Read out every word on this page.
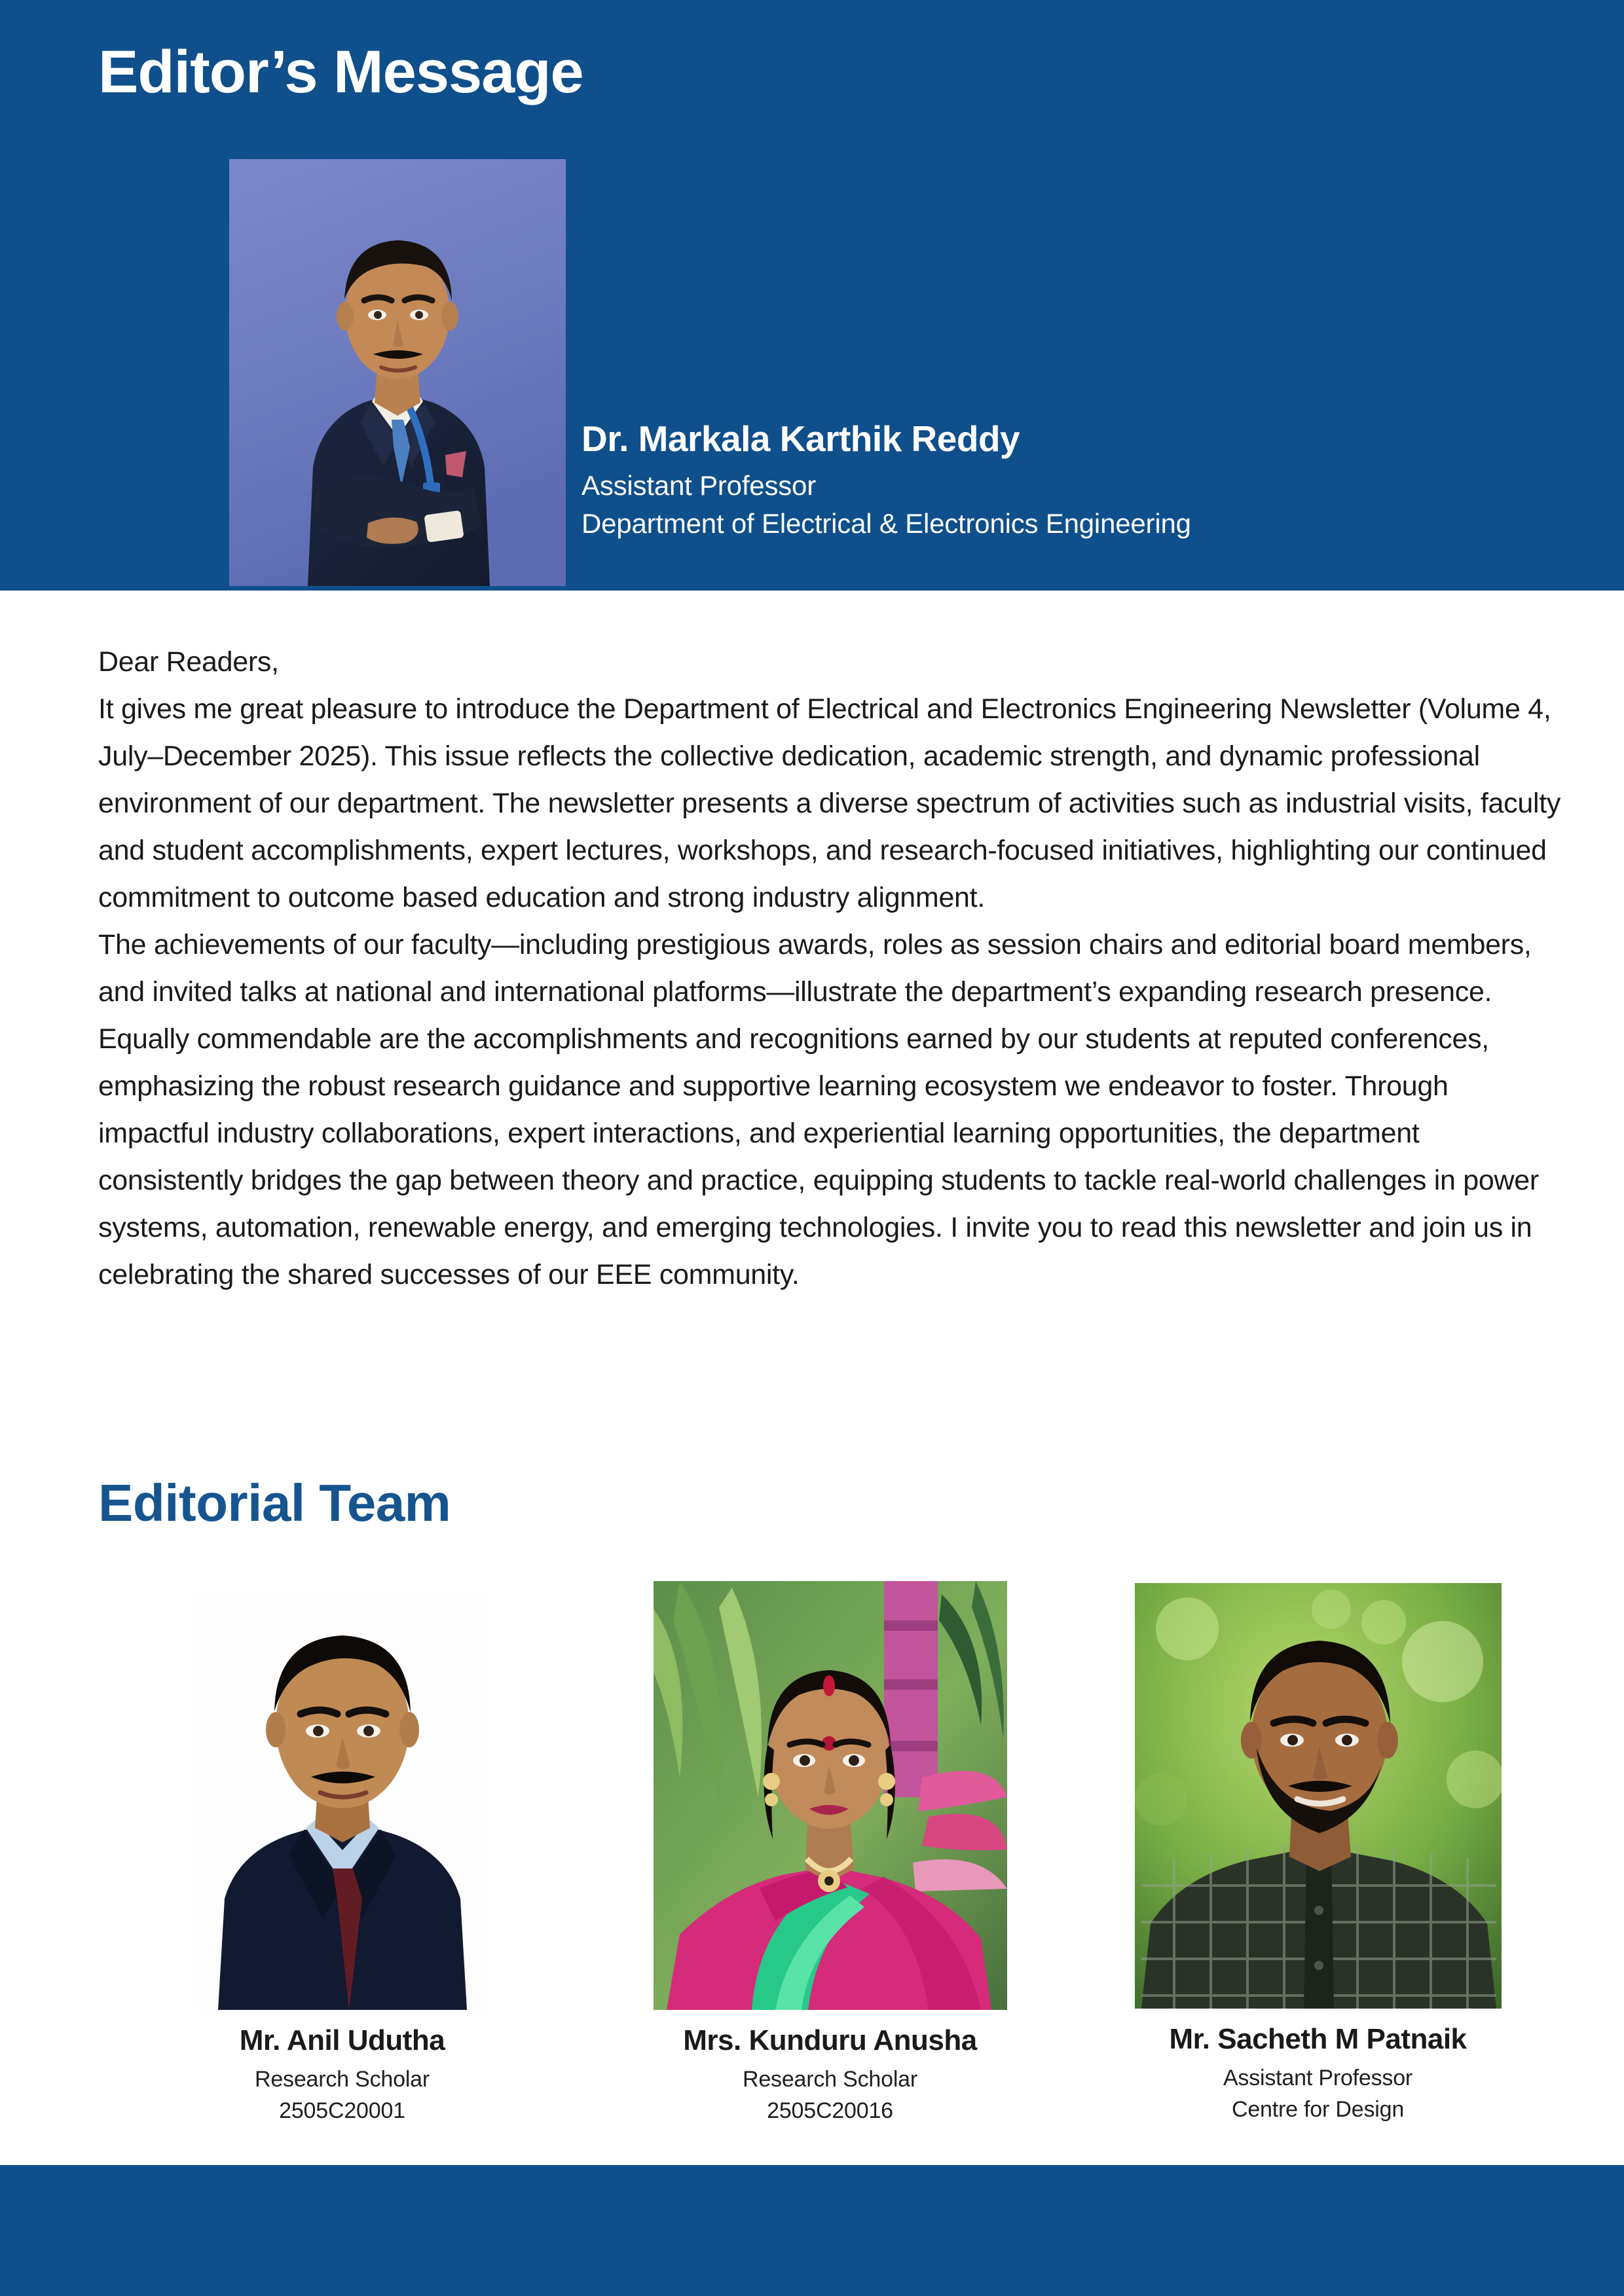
Editor’s Message
Dr. Markala Karthik Reddy
Assistant Professor
Department of Electrical & Electronics Engineering

Dear Readers,

It gives me great pleasure to introduce the Department of Electrical and Electronics Engineering Newsletter (Volume 4, July–December 2025). This issue reflects the collective dedication, academic strength, and dynamic professional environment of our department. The newsletter presents a diverse spectrum of activities such as industrial visits, faculty and student accomplishments, expert lectures, workshops, and research-focused initiatives, highlighting our continued commitment to outcome based education and strong industry alignment.

The achievements of our faculty—including prestigious awards, roles as session chairs and editorial board members, and invited talks at national and international platforms—illustrate the department’s expanding research presence. Equally commendable are the accomplishments and recognitions earned by our students at reputed conferences, emphasizing the robust research guidance and supportive learning ecosystem we endeavor to foster. Through impactful industry collaborations, expert interactions, and experiential learning opportunities, the department consistently bridges the gap between theory and practice, equipping students to tackle real-world challenges in power systems, automation, renewable energy, and emerging technologies. I invite you to read this newsletter and join us in celebrating the shared successes of our EEE community.

Editorial Team
Mr. Anil Udutha
Research Scholar
2505C20001
Mrs. Kunduru Anusha
Research Scholar
2505C20016
Mr. Sacheth M Patnaik
Assistant Professor
Centre for Design
